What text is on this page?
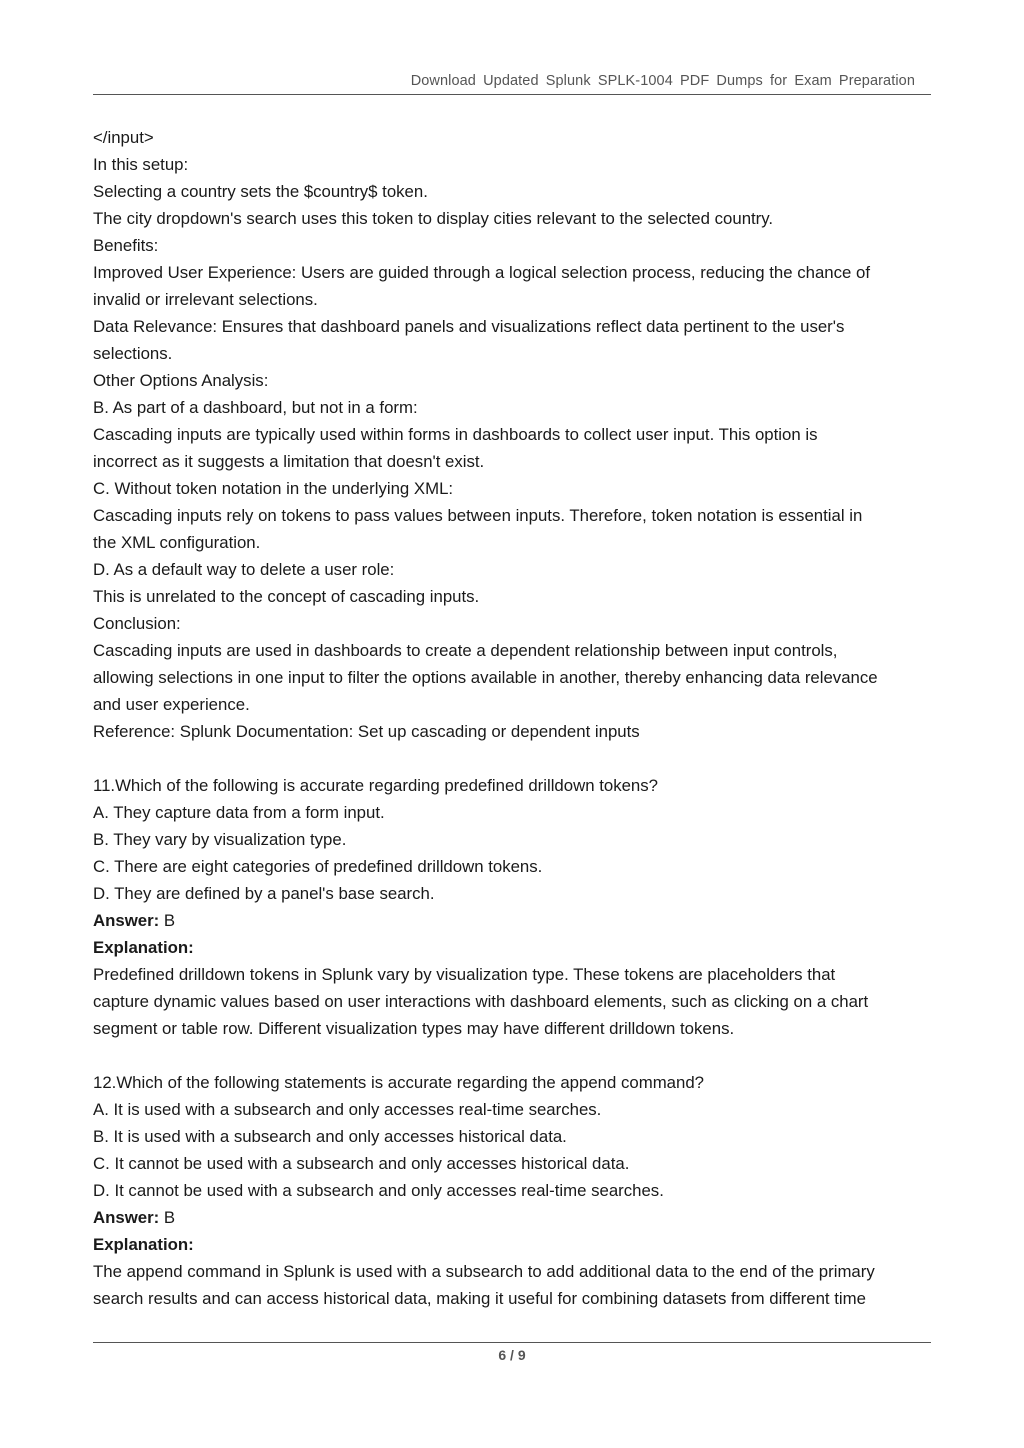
Download Updated Splunk SPLK-1004 PDF Dumps for Exam Preparation
</input>
In this setup:
Selecting a country sets the $country$ token.
The city dropdown's search uses this token to display cities relevant to the selected country.
Benefits:
Improved User Experience: Users are guided through a logical selection process, reducing the chance of
invalid or irrelevant selections.
Data Relevance: Ensures that dashboard panels and visualizations reflect data pertinent to the user's
selections.
Other Options Analysis:
B. As part of a dashboard, but not in a form:
Cascading inputs are typically used within forms in dashboards to collect user input. This option is
incorrect as it suggests a limitation that doesn't exist.
C. Without token notation in the underlying XML:
Cascading inputs rely on tokens to pass values between inputs. Therefore, token notation is essential in
the XML configuration.
D. As a default way to delete a user role:
This is unrelated to the concept of cascading inputs.
Conclusion:
Cascading inputs are used in dashboards to create a dependent relationship between input controls,
allowing selections in one input to filter the options available in another, thereby enhancing data relevance
and user experience.
Reference: Splunk Documentation: Set up cascading or dependent inputs
11.Which of the following is accurate regarding predefined drilldown tokens?
A. They capture data from a form input.
B. They vary by visualization type.
C. There are eight categories of predefined drilldown tokens.
D. They are defined by a panel's base search.
Answer: B
Explanation:
Predefined drilldown tokens in Splunk vary by visualization type. These tokens are placeholders that
capture dynamic values based on user interactions with dashboard elements, such as clicking on a chart
segment or table row. Different visualization types may have different drilldown tokens.
12.Which of the following statements is accurate regarding the append command?
A. It is used with a subsearch and only accesses real-time searches.
B. It is used with a subsearch and only accesses historical data.
C. It cannot be used with a subsearch and only accesses historical data.
D. It cannot be used with a subsearch and only accesses real-time searches.
Answer: B
Explanation:
The append command in Splunk is used with a subsearch to add additional data to the end of the primary
search results and can access historical data, making it useful for combining datasets from different time
6 / 9
